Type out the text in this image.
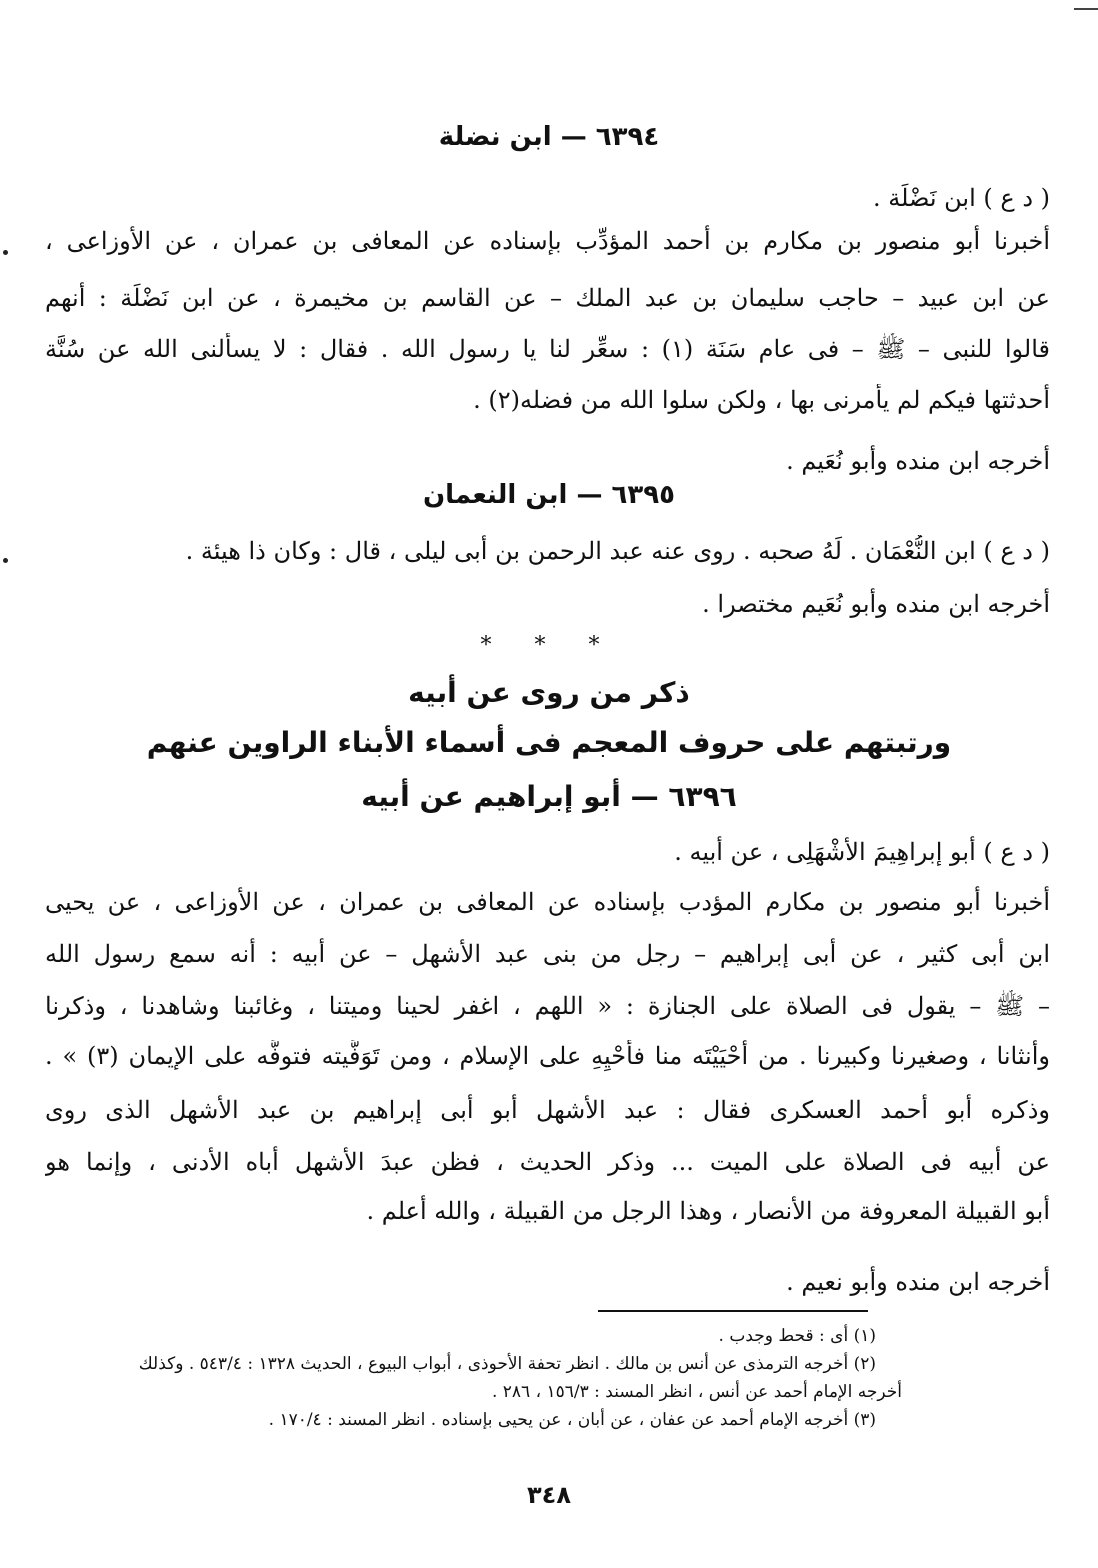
٦٣٩٤ — ابن نضلة
( د ع ) ابن نَضْلَة .
أخبرنا أبو منصور بن مكارم بن أحمد المؤدِّب بإسناده عن المعافى بن عمران ، عن الأوزاعى ،
عن ابن عبيد – حاجب سليمان بن عبد الملك – عن القاسم بن مخيمرة ، عن ابن نَضْلَة : أنهم
قالوا للنبى – ﷺ – فى عام سَنَة (١) : سعِّر لنا يا رسول الله . فقال : لا يسألنى الله عن سُنَّة
أحدثتها فيكم لم يأمرنى بها ، ولكن سلوا الله من فضله(٢) .
أخرجه ابن منده وأبو نُعَيم .
٦٣٩٥ — ابن النعمان
( د ع ) ابن النُّعْمَان . لَهُ صحبه . روى عنه عبد الرحمن بن أبى ليلى ، قال : وكان ذا هيئة .
أخرجه ابن منده وأبو نُعَيم مختصرا .
* * *
ذكر من روى عن أبيه
ورتبتهم على حروف المعجم فى أسماء الأبناء الراوين عنهم
٦٣٩٦ — أبو إبراهيم عن أبيه
( د ع ) أبو إبراهِيمَ الأشْهَلِى ، عن أبيه .
أخبرنا أبو منصور بن مكارم المؤدب بإسناده عن المعافى بن عمران ، عن الأوزاعى ، عن يحيى
ابن أبى كثير ، عن أبى إبراهيم – رجل من بنى عبد الأشهل – عن أبيه : أنه سمع رسول الله
– ﷺ – يقول فى الصلاة على الجنازة : « اللهم ، اغفر لحينا وميتنا ، وغائبنا وشاهدنا ، وذكرنا
وأنثانا ، وصغيرنا وكبيرنا . من أحْيَيْتَه منا فأحْيِهِ على الإسلام ، ومن تَوَفَّيته فتوفَّه على الإيمان (٣) » .
وذكره أبو أحمد العسكرى فقال : عبد الأشهل أبو أبى إبراهيم بن عبد الأشهل الذى روى
عن أبيه فى الصلاة على الميت ... وذكر الحديث ، فظن عبدَ الأشهل أباه الأدنى ، وإنما هو
أبو القبيلة المعروفة من الأنصار ، وهذا الرجل من القبيلة ، والله أعلم .
أخرجه ابن منده وأبو نعيم .
(١) أى : قحط وجدب .
(٢) أخرجه الترمذى عن أنس بن مالك . انظر تحفة الأحوذى ، أبواب البيوع ، الحديث ١٣٢٨ : ٥٤٣/٤ . وكذلك
أخرجه الإمام أحمد عن أنس ، انظر المسند : ١٥٦/٣ ، ٢٨٦ .
(٣) أخرجه الإمام أحمد عن عفان ، عن أبان ، عن يحيى بإسناده . انظر المسند : ١٧٠/٤ .
٣٤٨
